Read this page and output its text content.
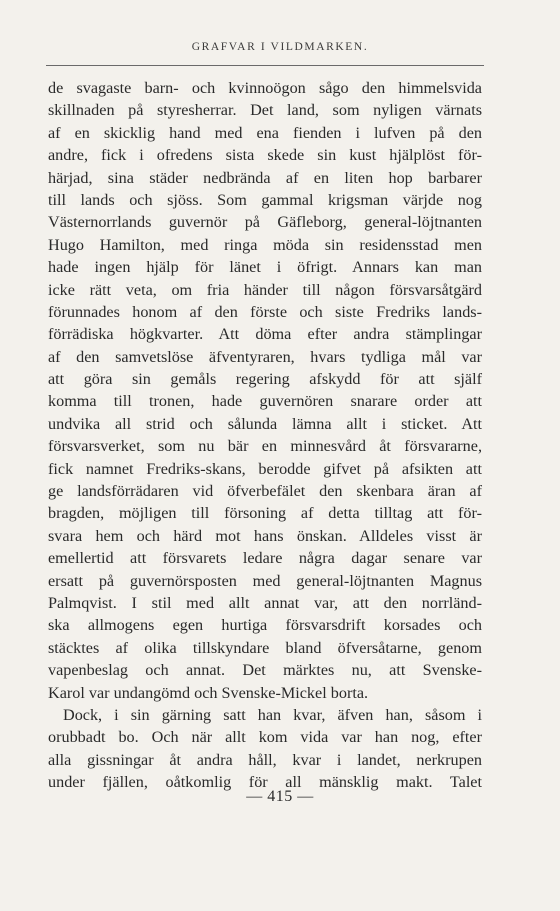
GRAFVAR I VILDMARKEN.
de svagaste barn- och kvinnoögon sågo den himmelsvida
skillnaden på styresherrar. Det land, som nyligen värnats
af en skicklig hand med ena fienden i lufven på den
andre, fick i ofredens sista skede sin kust hjälplöst för-
härjad, sina städer nedbrända af en liten hop barbarer
till lands och sjöss. Som gammal krigsman värjde nog
Västernorrlands guvernör på Gäfleborg, general-löjtnanten
Hugo Hamilton, med ringa möda sin residensstad men
hade ingen hjälp för länet i öfrigt. Annars kan man
icke rätt veta, om fria händer till någon försvarsåtgärd
förunnades honom af den förste och siste Fredriks lands-
förrädiska högkvarter. Att döma efter andra stämplingar
af den samvetslöse äfventyraren, hvars tydliga mål var
att göra sin gemåls regering afskydd för att själf
komma till tronen, hade guvernören snarare order att
undvika all strid och sålunda lämna allt i sticket. Att
försvarsverket, som nu bär en minnesvård åt försvararne,
fick namnet Fredriks-skans, berodde gifvet på afsikten att
ge landsförrädaren vid öfverbefälet den skenbara äran af
bragden, möjligen till försoning af detta tilltag att för-
svara hem och härd mot hans önskan. Alldeles visst är
emellertid att försvarets ledare några dagar senare var
ersatt på guvernörsposten med general-löjtnanten Magnus
Palmqvist. I stil med allt annat var, att den norrländ-
ska allmogens egen hurtiga försvarsdrift korsades och
stäcktes af olika tillskyndare bland öfversåtarne, genom
vapenbeslag och annat. Det märktes nu, att Svenske-
Karol var undangömd och Svenske-Mickel borta.
Dock, i sin gärning satt han kvar, äfven han, såsom i
orubbadt bo. Och när allt kom vida var han nog, efter
alla gissningar åt andra håll, kvar i landet, nerkrupen
under fjällen, oåtkomlig för all mänsklig makt. Talet
— 415 —
